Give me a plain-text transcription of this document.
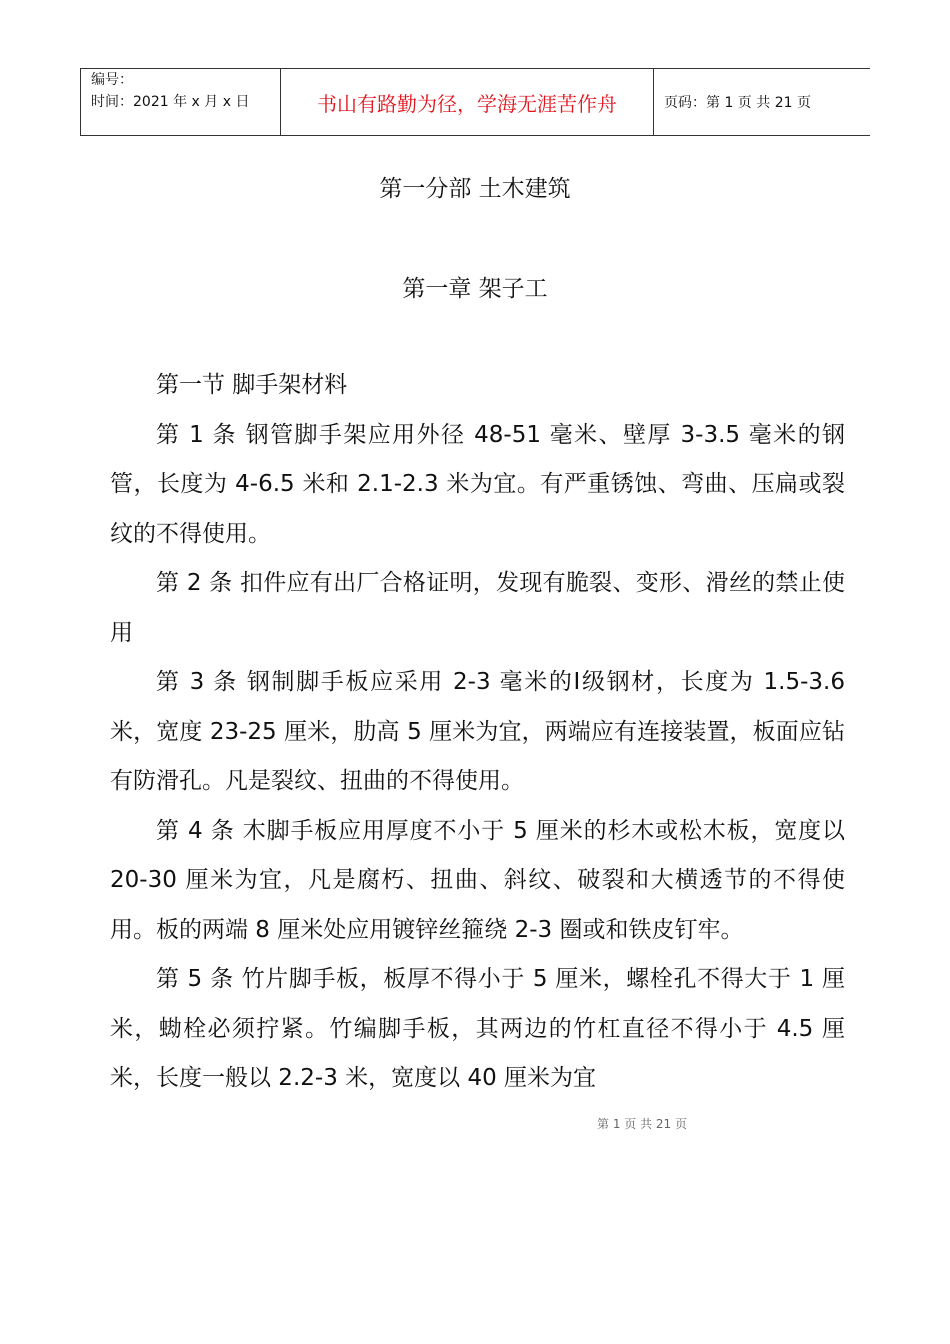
编号：
时间：2021 年 x 月 x 日	书山有路勤为径，学海无涯苦作舟	页码：第 1 页 共 21 页
第一分部 土木建筑
第一章 架子工

第一节 脚手架材料

第 1 条 钢管脚手架应用外径 48-51 毫米、壁厚 3-3.5 毫米的钢管，长度为 4-6.5 米和 2.1-2.3 米为宜。有严重锈蚀、弯曲、压扁或裂纹的不得使用。

第 2 条 扣件应有出厂合格证明，发现有脆裂、变形、滑丝的禁止使用

第 3 条 钢制脚手板应采用 2-3 毫米的Ⅰ级钢材，长度为 1.5-3.6 米，宽度 23-25 厘米，肋高 5 厘米为宜，两端应有连接装置，板面应钻有防滑孔。凡是裂纹、扭曲的不得使用。

第 4 条 木脚手板应用厚度不小于 5 厘米的杉木或松木板，宽度以 20-30 厘米为宜，凡是腐朽、扭曲、斜纹、破裂和大横透节的不得使用。板的两端 8 厘米处应用镀锌丝箍绕 2-3 圈或和铁皮钉牢。

第 5 条 竹片脚手板，板厚不得小于 5 厘米，螺栓孔不得大于 1 厘米，蜐栓必须拧紧。竹编脚手板，其两边的竹杠直径不得小于 4.5 厘米，长度一般以 2.2-3 米，宽度以 40 厘米为宜

第 1 页 共 21 页
